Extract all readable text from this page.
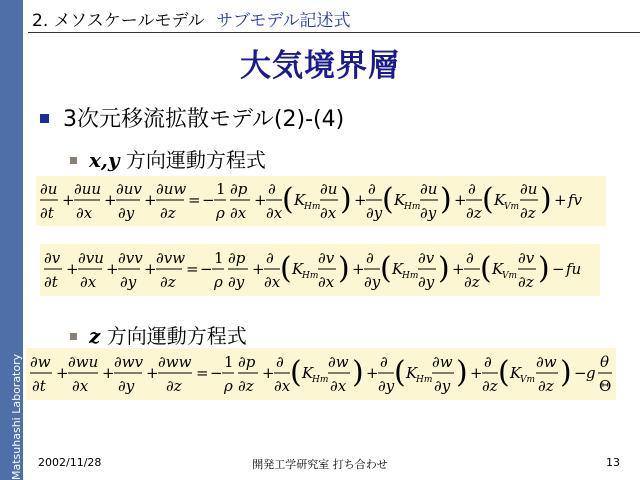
Matsuhashi Laboratory
2. メソスケールモデル サブモデル記述式
大気境界層
3次元移流拡散モデル(2)-(4)
x,y 方向運動方程式
∂u
∂t
+
∂uu
∂x
+
∂uv
∂y
+
∂uw
∂z
= −
1
ρ
∂p
∂x
+
∂
∂x ( K
Hm
∂u
∂x ) +
∂
∂y ( K
Hm
∂u
∂y ) +
∂
∂z ( K
Vm
∂u
∂z ) + fv
∂v
∂t
+
∂vu
∂x
+
∂vv
∂y
+
∂vw
∂z
= −
1
ρ
∂p
∂y
+
∂
∂x ( K
Hm
∂v
∂x ) +
∂
∂y ( K
Hm
∂v
∂y ) +
∂
∂z ( K
Vm
∂v
∂z ) − fu
z 方向運動方程式
∂w
∂t
+
∂wu
∂x
+
∂wv
∂y
+
∂ww
∂z
= −
1
ρ
∂p
∂z
+
∂
∂x ( K
Hm
∂w
∂x ) +
∂
∂y ( K
Hm
∂w
∂y ) +
∂
∂z ( K
Vm
∂w
∂z ) − g
θ
Θ
2002/11/28	開発工学研究室 打ち合わせ	13
